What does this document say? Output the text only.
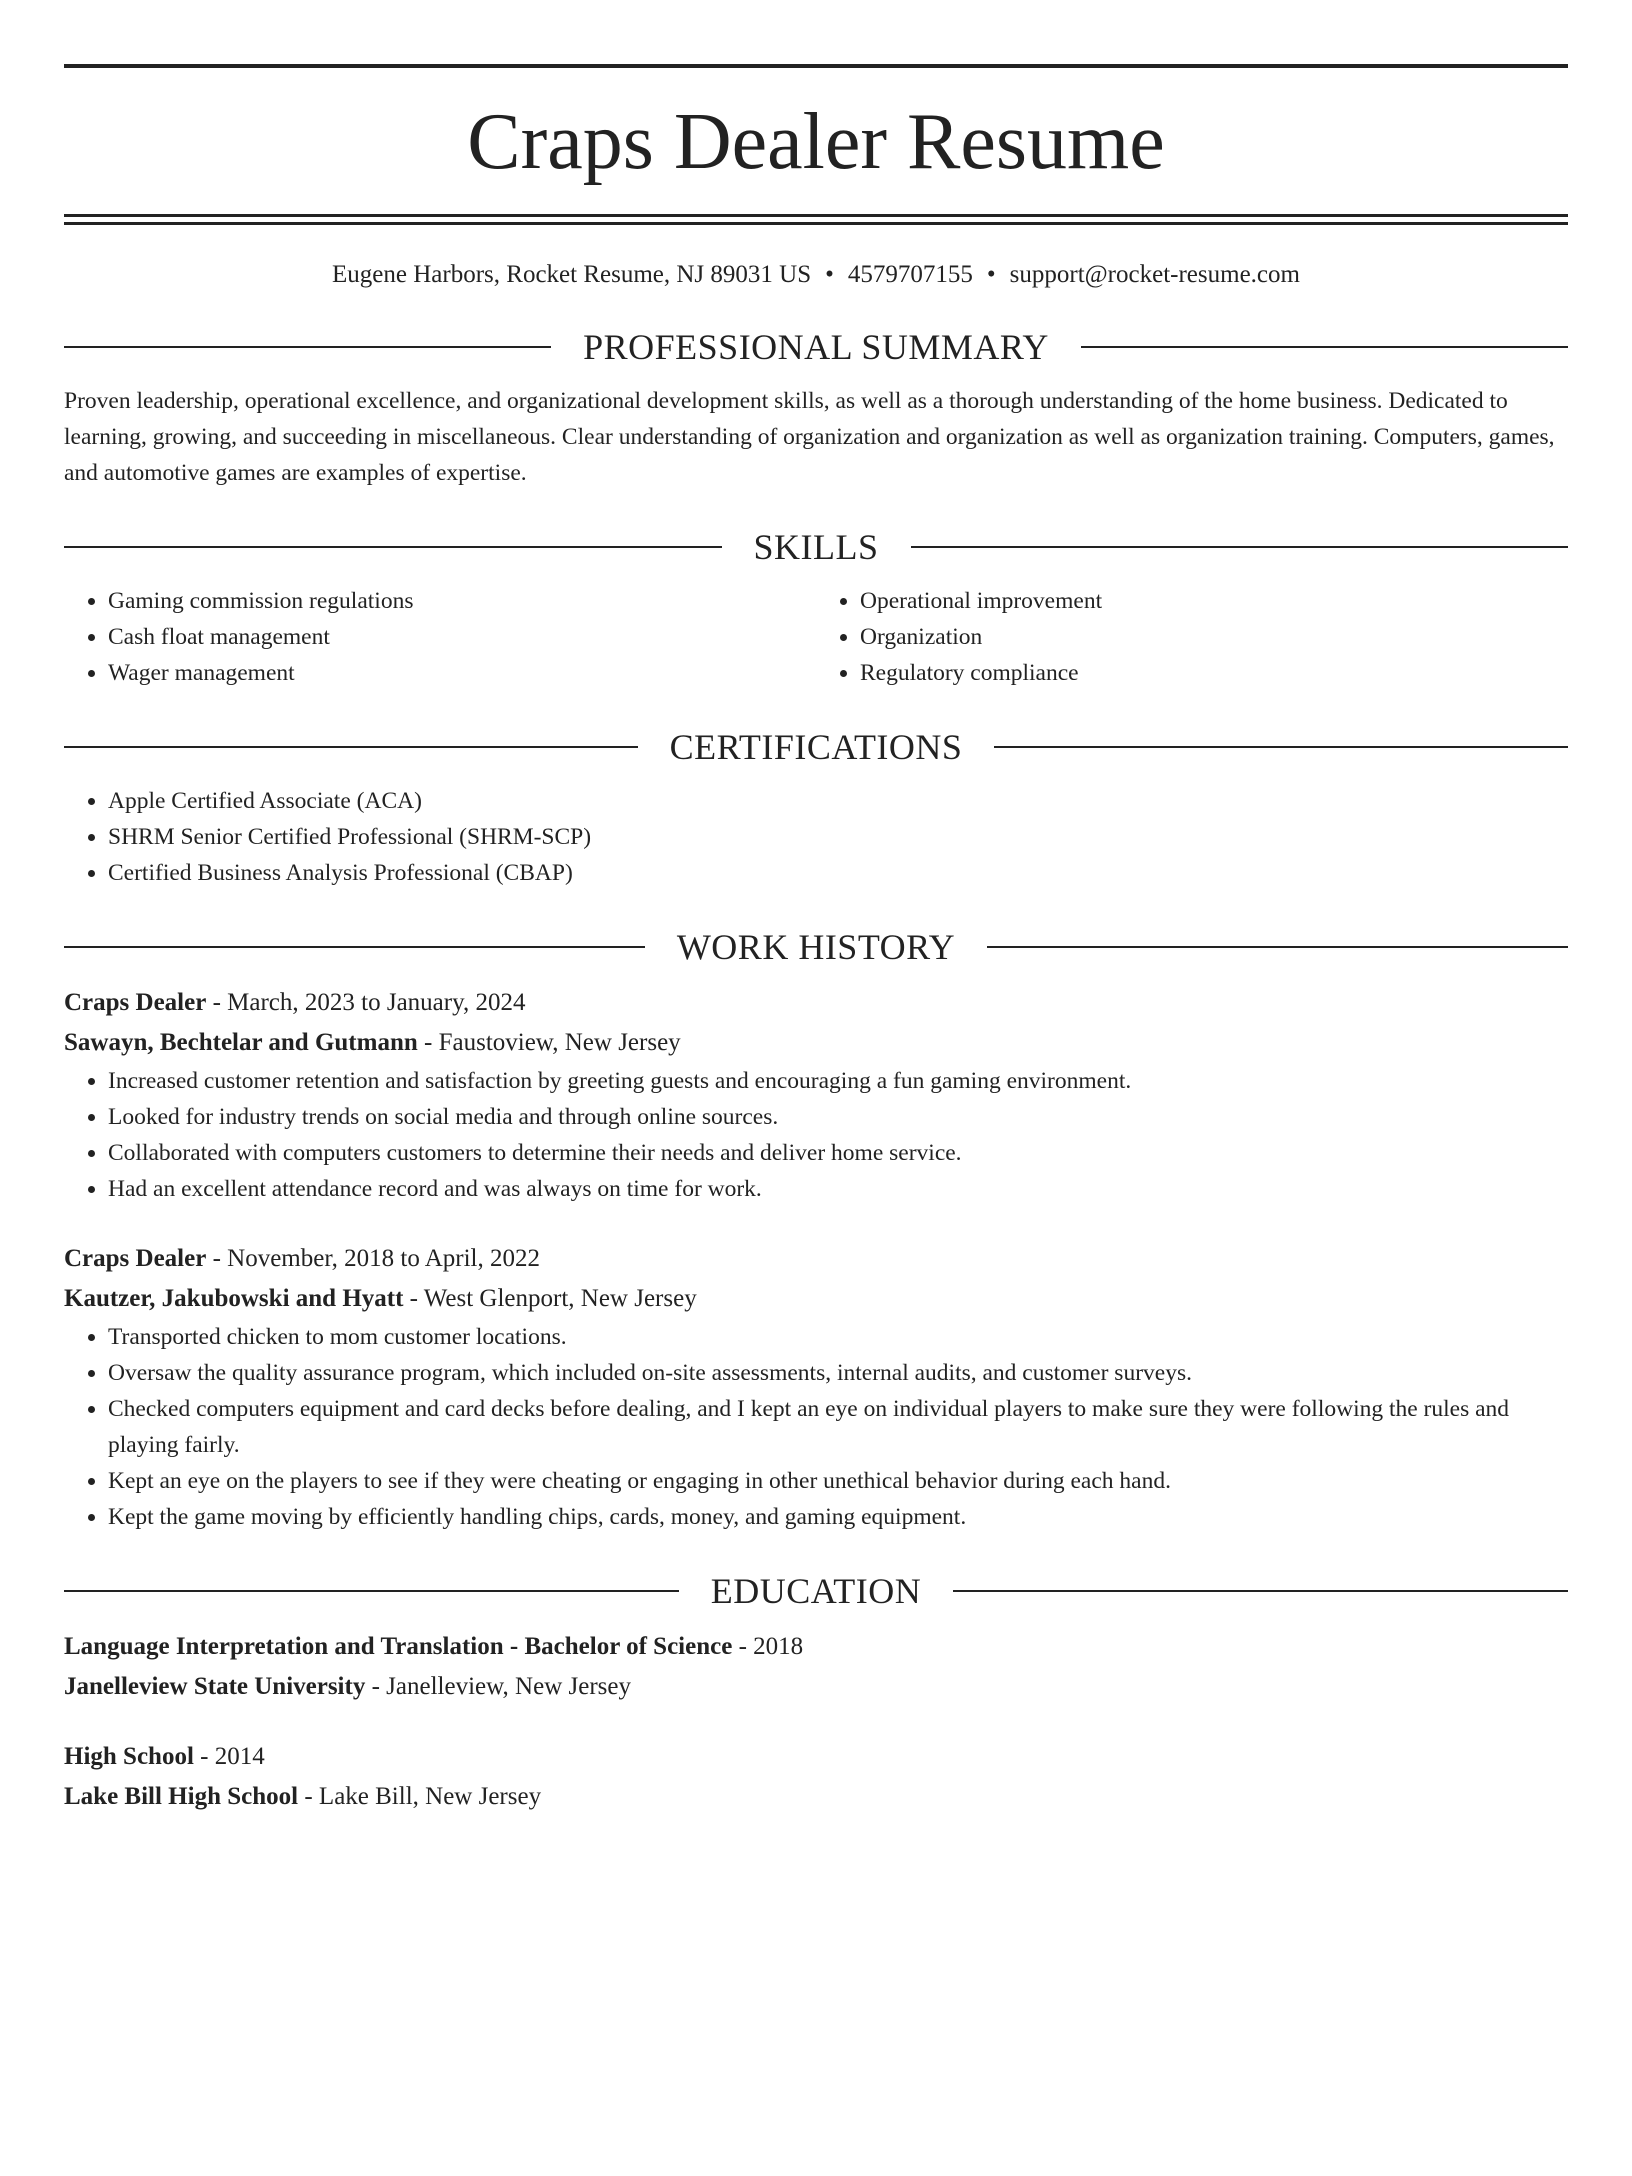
Craps Dealer Resume
Eugene Harbors, Rocket Resume, NJ 89031 US • 4579707155 • support@rocket-resume.com
PROFESSIONAL SUMMARY

Proven leadership, operational excellence, and organizational development skills, as well as a thorough understanding of the home business. Dedicated to learning, growing, and succeeding in miscellaneous. Clear understanding of organization and organization as well as organization training. Computers, games, and automotive games are examples of expertise.

SKILLS
• Gaming commission regulations
• Cash float management
• Wager management
• Operational improvement
• Organization
• Regulatory compliance
CERTIFICATIONS
• Apple Certified Associate (ACA)
• SHRM Senior Certified Professional (SHRM-SCP)
• Certified Business Analysis Professional (CBAP)
WORK HISTORY
Craps Dealer - March, 2023 to January, 2024
Sawayn, Bechtelar and Gutmann - Faustoview, New Jersey
• Increased customer retention and satisfaction by greeting guests and encouraging a fun gaming environment.
• Looked for industry trends on social media and through online sources.
• Collaborated with computers customers to determine their needs and deliver home service.
• Had an excellent attendance record and was always on time for work.
Craps Dealer - November, 2018 to April, 2022
Kautzer, Jakubowski and Hyatt - West Glenport, New Jersey
• Transported chicken to mom customer locations.
• Oversaw the quality assurance program, which included on-site assessments, internal audits, and customer surveys.
• Checked computers equipment and card decks before dealing, and I kept an eye on individual players to make sure they were following the rules and playing fairly.
• Kept an eye on the players to see if they were cheating or engaging in other unethical behavior during each hand.
• Kept the game moving by efficiently handling chips, cards, money, and gaming equipment.
EDUCATION
Language Interpretation and Translation - Bachelor of Science - 2018
Janelleview State University - Janelleview, New Jersey
High School - 2014
Lake Bill High School - Lake Bill, New Jersey
